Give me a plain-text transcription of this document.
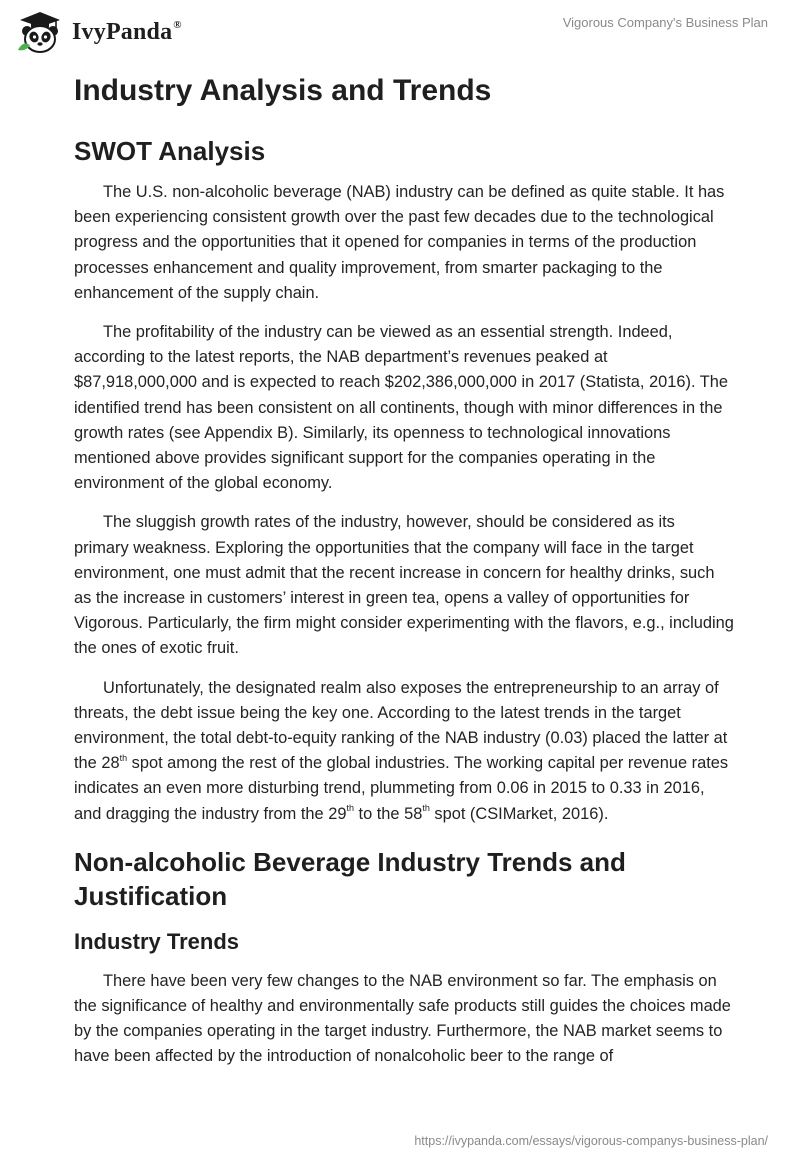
IvyPanda®	Vigorous Company's Business Plan
Industry Analysis and Trends
SWOT Analysis

The U.S. non-alcoholic beverage (NAB) industry can be defined as quite stable. It has been experiencing consistent growth over the past few decades due to the technological progress and the opportunities that it opened for companies in terms of the production processes enhancement and quality improvement, from smarter packaging to the enhancement of the supply chain.

The profitability of the industry can be viewed as an essential strength. Indeed, according to the latest reports, the NAB department’s revenues peaked at $87,918,000,000 and is expected to reach $202,386,000,000 in 2017 (Statista, 2016). The identified trend has been consistent on all continents, though with minor differences in the growth rates (see Appendix B). Similarly, its openness to technological innovations mentioned above provides significant support for the companies operating in the environment of the global economy.

The sluggish growth rates of the industry, however, should be considered as its primary weakness. Exploring the opportunities that the company will face in the target environment, one must admit that the recent increase in concern for healthy drinks, such as the increase in customers’ interest in green tea, opens a valley of opportunities for Vigorous. Particularly, the firm might consider experimenting with the flavors, e.g., including the ones of exotic fruit.

Unfortunately, the designated realm also exposes the entrepreneurship to an array of threats, the debt issue being the key one. According to the latest trends in the target environment, the total debt-to-equity ranking of the NAB industry (0.03) placed the latter at the 28th spot among the rest of the global industries. The working capital per revenue rates indicates an even more disturbing trend, plummeting from 0.06 in 2015 to 0.33 in 2016, and dragging the industry from the 29th to the 58th spot (CSIMarket, 2016).

Non-alcoholic Beverage Industry Trends and Justification
Industry Trends

There have been very few changes to the NAB environment so far. The emphasis on the significance of healthy and environmentally safe products still guides the choices made by the companies operating in the target industry. Furthermore, the NAB market seems to have been affected by the introduction of nonalcoholic beer to the range of

https://ivypanda.com/essays/vigorous-companys-business-plan/
